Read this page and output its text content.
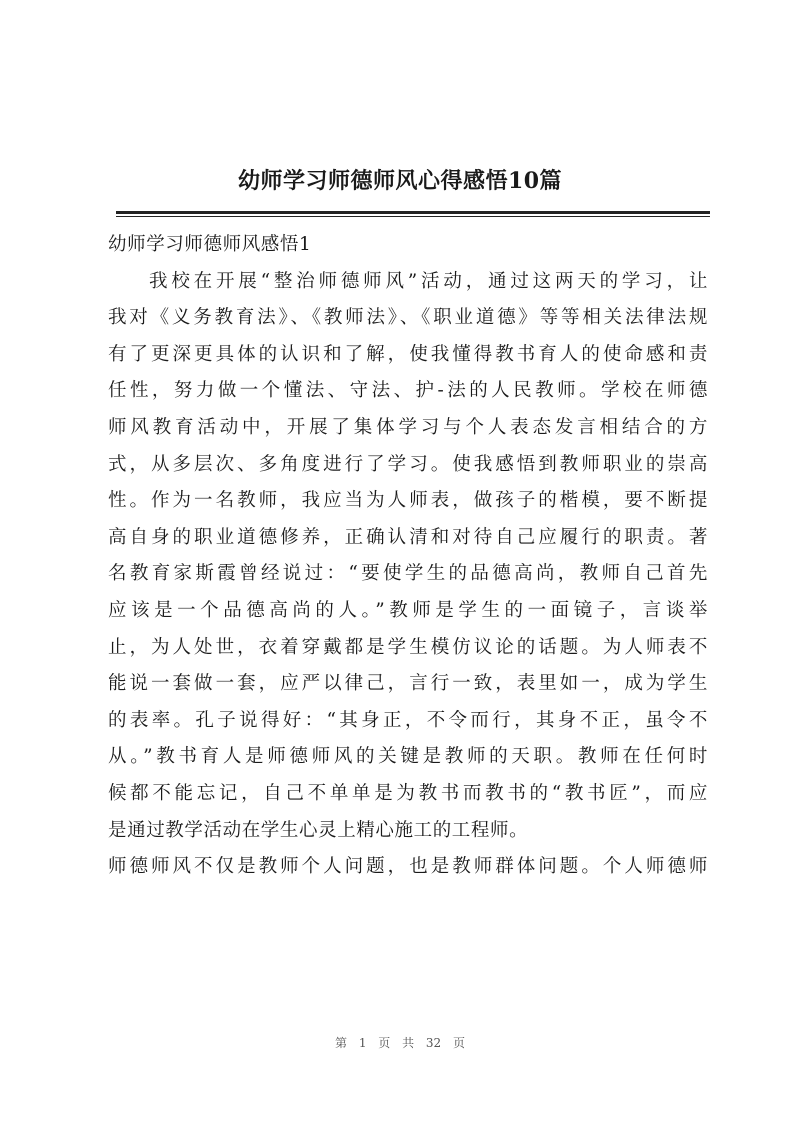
幼师学习师德师风心得感悟10篇
幼师学习师德师风感悟1
我校在开展“整治师德师风”活动，通过这两天的学习，让
我对《义务教育法》、《教师法》、《职业道德》等等相关法律法规
有了更深更具体的认识和了解，使我懂得教书育人的使命感和责
任性，努力做一个懂法、守法、护-法的人民教师。学校在师德
师风教育活动中，开展了集体学习与个人表态发言相结合的方
式，从多层次、多角度进行了学习。使我感悟到教师职业的崇高
性。作为一名教师，我应当为人师表，做孩子的楷模，要不断提
高自身的职业道德修养，正确认清和对待自己应履行的职责。著
名教育家斯霞曾经说过：“要使学生的品德高尚，教师自己首先
应该是一个品德高尚的人。”教师是学生的一面镜子，言谈举
止，为人处世，衣着穿戴都是学生模仿议论的话题。为人师表不
能说一套做一套，应严以律己，言行一致，表里如一，成为学生
的表率。孔子说得好：“其身正，不令而行，其身不正，虽令不
从。”教书育人是师德师风的关键是教师的天职。教师在任何时
候都不能忘记，自己不单单是为教书而教书的“教书匠”，而应
是通过教学活动在学生心灵上精心施工的工程师。
师德师风不仅是教师个人问题，也是教师群体问题。个人师德师
第 1 页 共 32 页
